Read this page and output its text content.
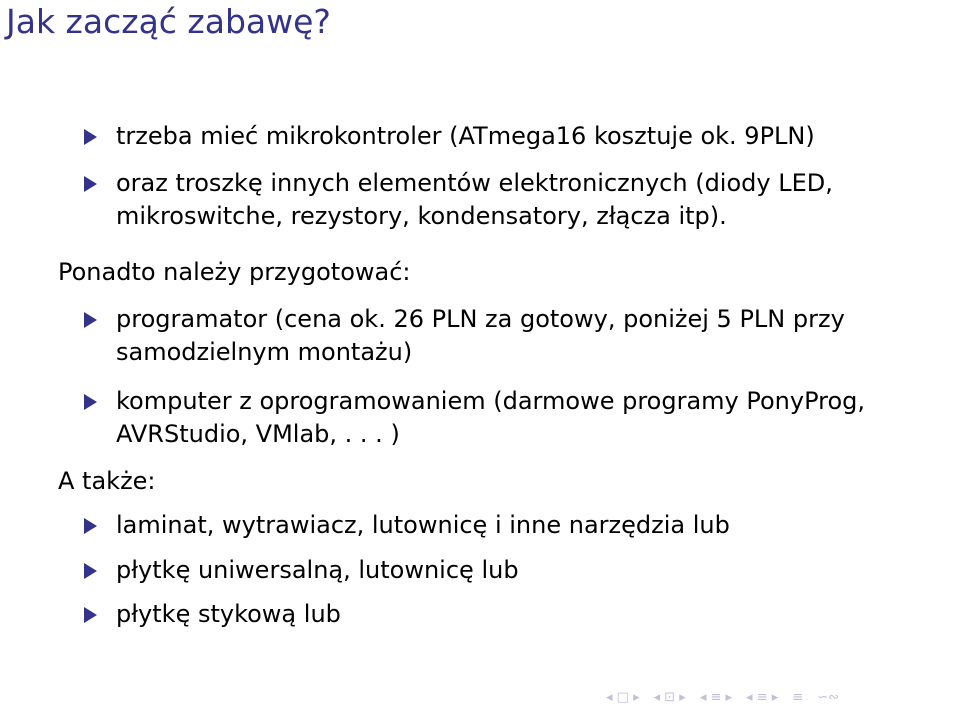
Jak zacząć zabawę?
trzeba mieć mikrokontroler (ATmega16 kosztuje ok. 9PLN)
oraz troszkę innych elementów elektronicznych (diody LED, mikroswitche, rezystory, kondensatory, złącza itp).
Ponadto należy przygotować:
programator (cena ok. 26 PLN za gotowy, poniżej 5 PLN przy samodzielnym montażu)
komputer z oprogramowaniem (darmowe programy PonyProg, AVRStudio, VMlab, . . . )
A także:
laminat, wytrawiacz, lutownicę i inne narzędzia lub
płytkę uniwersalną, lutownicę lub
płytkę stykową lub
◂ □ ▸ ◂ ⊡ ▸ ◂ ≡ ▸ ◂ ≡ ▸ ≡ ∽∾
